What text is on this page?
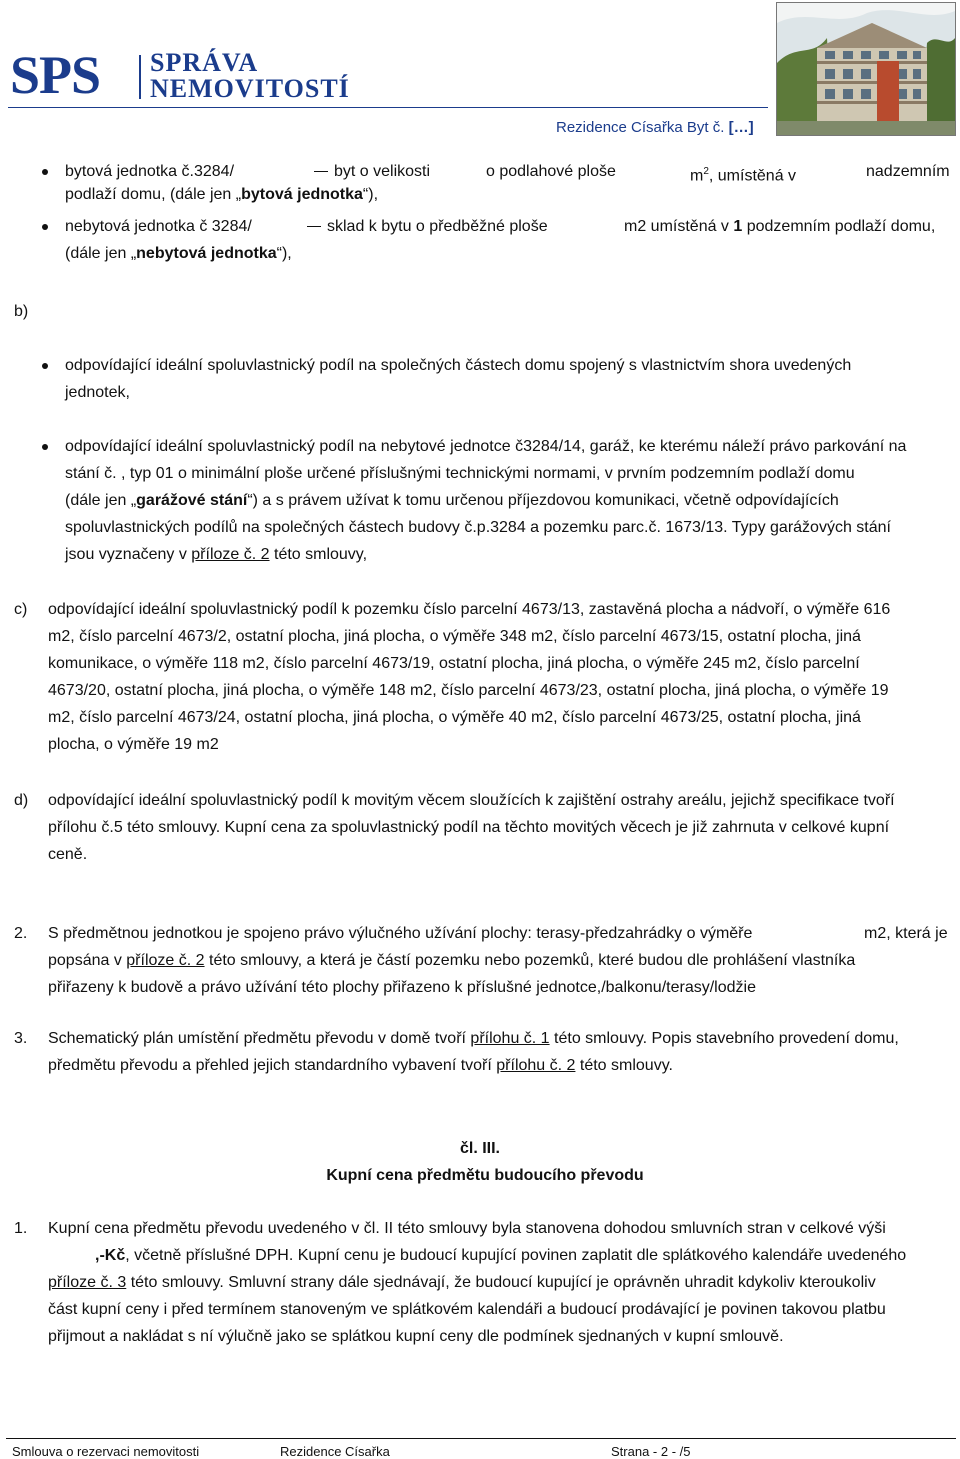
SPS SPRÁVA
NEMOVITOSTÍ
Rezidence Císařka Byt č. […]
bytová jednotka č.3284/	byt o velikosti	o podlahové ploše	$m^2$, umístěná v	nadzemním
podlaží domu, (dále jen „bytová jednotka“),
nebytová jednotka č 3284/	sklad k bytu o předběžné ploše	m2 umístěná v 1 podzemním podlaží domu,
(dále jen „nebytová jednotka“),
b)
odpovídající ideální spoluvlastnický podíl na společných částech domu spojený s vlastnictvím shora uvedených
jednotek,
odpovídající ideální spoluvlastnický podíl na nebytové jednotce č3284/14, garáž, ke kterému náleží právo parkování na
stání č. , typ 01 o minimální ploše určené příslušnými technickými normami, v prvním podzemním podlaží domu
(dále jen „garážové stání“) a s právem užívat k tomu určenou příjezdovou komunikaci, včetně odpovídajících
spoluvlastnických podílů na společných částech budovy č.p.3284 a pozemku parc.č. 1673/13. Typy garážových stání
jsou vyznačeny v příloze č. 2 této smlouvy,
c) odpovídající ideální spoluvlastnický podíl k pozemku číslo parcelní 4673/13, zastavěná plocha a nádvoří, o výměře 616
m2, číslo parcelní 4673/2, ostatní plocha, jiná plocha, o výměře 348 m2, číslo parcelní 4673/15, ostatní plocha, jiná
komunikace, o výměře 118 m2, číslo parcelní 4673/19, ostatní plocha, jiná plocha, o výměře 245 m2, číslo parcelní
4673/20, ostatní plocha, jiná plocha, o výměře 148 m2, číslo parcelní 4673/23, ostatní plocha, jiná plocha, o výměře 19
m2, číslo parcelní 4673/24, ostatní plocha, jiná plocha, o výměře 40 m2, číslo parcelní 4673/25, ostatní plocha, jiná
plocha, o výměře 19 m2
d) odpovídající ideální spoluvlastnický podíl k movitým věcem sloužících k zajištění ostrahy areálu, jejichž specifikace tvoří
přílohu č.5 této smlouvy. Kupní cena za spoluvlastnický podíl na těchto movitých věcech je již zahrnuta v celkové kupní
ceně.
2. S předmětnou jednotkou je spojeno právo výlučného užívání plochy: terasy-předzahrádky o výměře	m2, která je
popsána v příloze č. 2 této smlouvy, a která je částí pozemku nebo pozemků, které budou dle prohlášení vlastníka
přiřazeny k budově a právo užívání této plochy přiřazeno k příslušné jednotce,/balkonu/terasy/lodžie
3. Schematický plán umístění předmětu převodu v domě tvoří přílohu č. 1 této smlouvy. Popis stavebního provedení domu,
předmětu převodu a přehled jejich standardního vybavení tvoří přílohu č. 2 této smlouvy.
čl. III.
Kupní cena předmětu budoucího převodu
1. Kupní cena předmětu převodu uvedeného v čl. II této smlouvy byla stanovena dohodou smluvních stran v celkové výši
,-Kč, včetně příslušné DPH. Kupní cenu je budoucí kupující povinen zaplatit dle splátkového kalendáře uvedeného
příloze č. 3 této smlouvy. Smluvní strany dále sjednávají, že budoucí kupující je oprávněn uhradit kdykoliv kteroukoliv
část kupní ceny i před termínem stanoveným ve splátkovém kalendáři a budoucí prodávající je povinen takovou platbu
přijmout a nakládat s ní výlučně jako se splátkou kupní ceny dle podmínek sjednaných v kupní smlouvě.
Smlouva o rezervaci nemovitosti	Rezidence Císařka	Strana - 2 - /5
